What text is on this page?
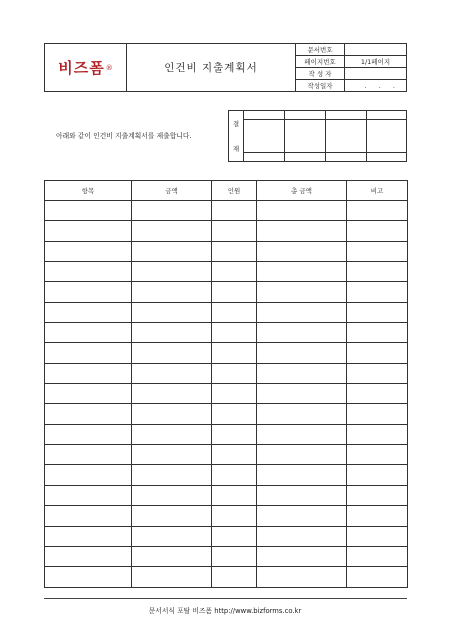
비즈폼 ®	인건비 지출계획서
문서번호
페이지번호	1/1페이지
작 성 자
작성일자	. . .
아래와 같이 인건비 지출계획서를 제출합니다.
결
재
항목	금액	인원	총 금액	비고

문서서식 포탈 비즈폼 http://www.bizforms.co.kr
